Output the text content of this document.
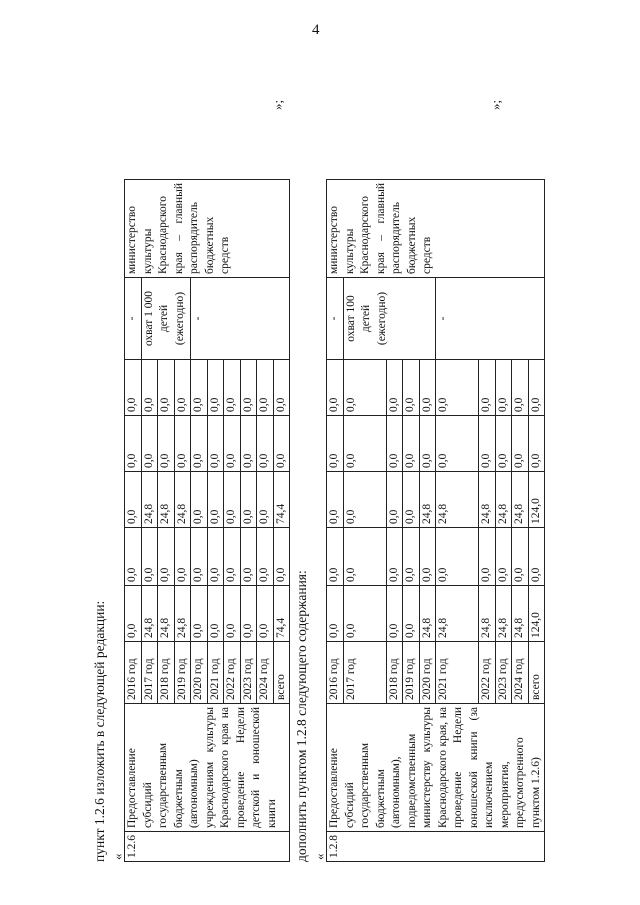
4
пункт 1.2.6 изложить в следующей редакции: « 1.2.6	Предоставление субсидий государственным бюджетным (автономным) учреждениям культуры Краснодарского края на проведение Недели детской и юношеской книги	2016 год	0,0	0,0	0,0	0,0	0,0	-	министерство культуры Краснодарского края – главный распорядитель бюджетных средств
		2017 год	24,8	0,0	24,8	0,0	0,0	охват 1 000 детей (ежегодно)	
		2018 год	24,8	0,0	24,8	0,0	0,0		
		2019 год	24,8	0,0	24,8	0,0	0,0		
		2020 год	0,0	0,0	0,0	0,0	0,0	-	
		2021 год	0,0	0,0	0,0	0,0	0,0		
		2022 год	0,0	0,0	0,0	0,0	0,0		
		2023 год	0,0	0,0	0,0	0,0	0,0		
		2024 год	0,0	0,0	0,0	0,0	0,0		
		всего	74,4	0,0	74,4	0,0	0,0		
»;
дополнить пунктом 1.2.8 следующего содержания: « 1.2.8	Предоставление субсидий государственным бюджетным (автономным), подведомственным министерству культуры Краснодарского края, на проведение Недели юношеской книги (за исключением мероприятия, предусмотренного пунктом 1.2.6)	2016 год	0,0	0,0	0,0	0,0	0,0	-	министерство культуры Краснодарского края – главный распорядитель бюджетных средств
		2017 год	0,0	0,0	0,0	0,0	0,0	охват 100 детей (ежегодно)	
		2018 год	0,0	0,0	0,0	0,0	0,0		
		2019 год	0,0	0,0	0,0	0,0	0,0		
		2020 год	24,8	0,0	24,8	0,0	0,0		
		2021 год	24,8	0,0	24,8	0,0	0,0	-	
		2022 год	24,8	0,0	24,8	0,0	0,0		
		2023 год	24,8	0,0	24,8	0,0	0,0		
		2024 год	24,8	0,0	24,8	0,0	0,0		
		всего	124,0	0,0	124,0	0,0	0,0		
»;
